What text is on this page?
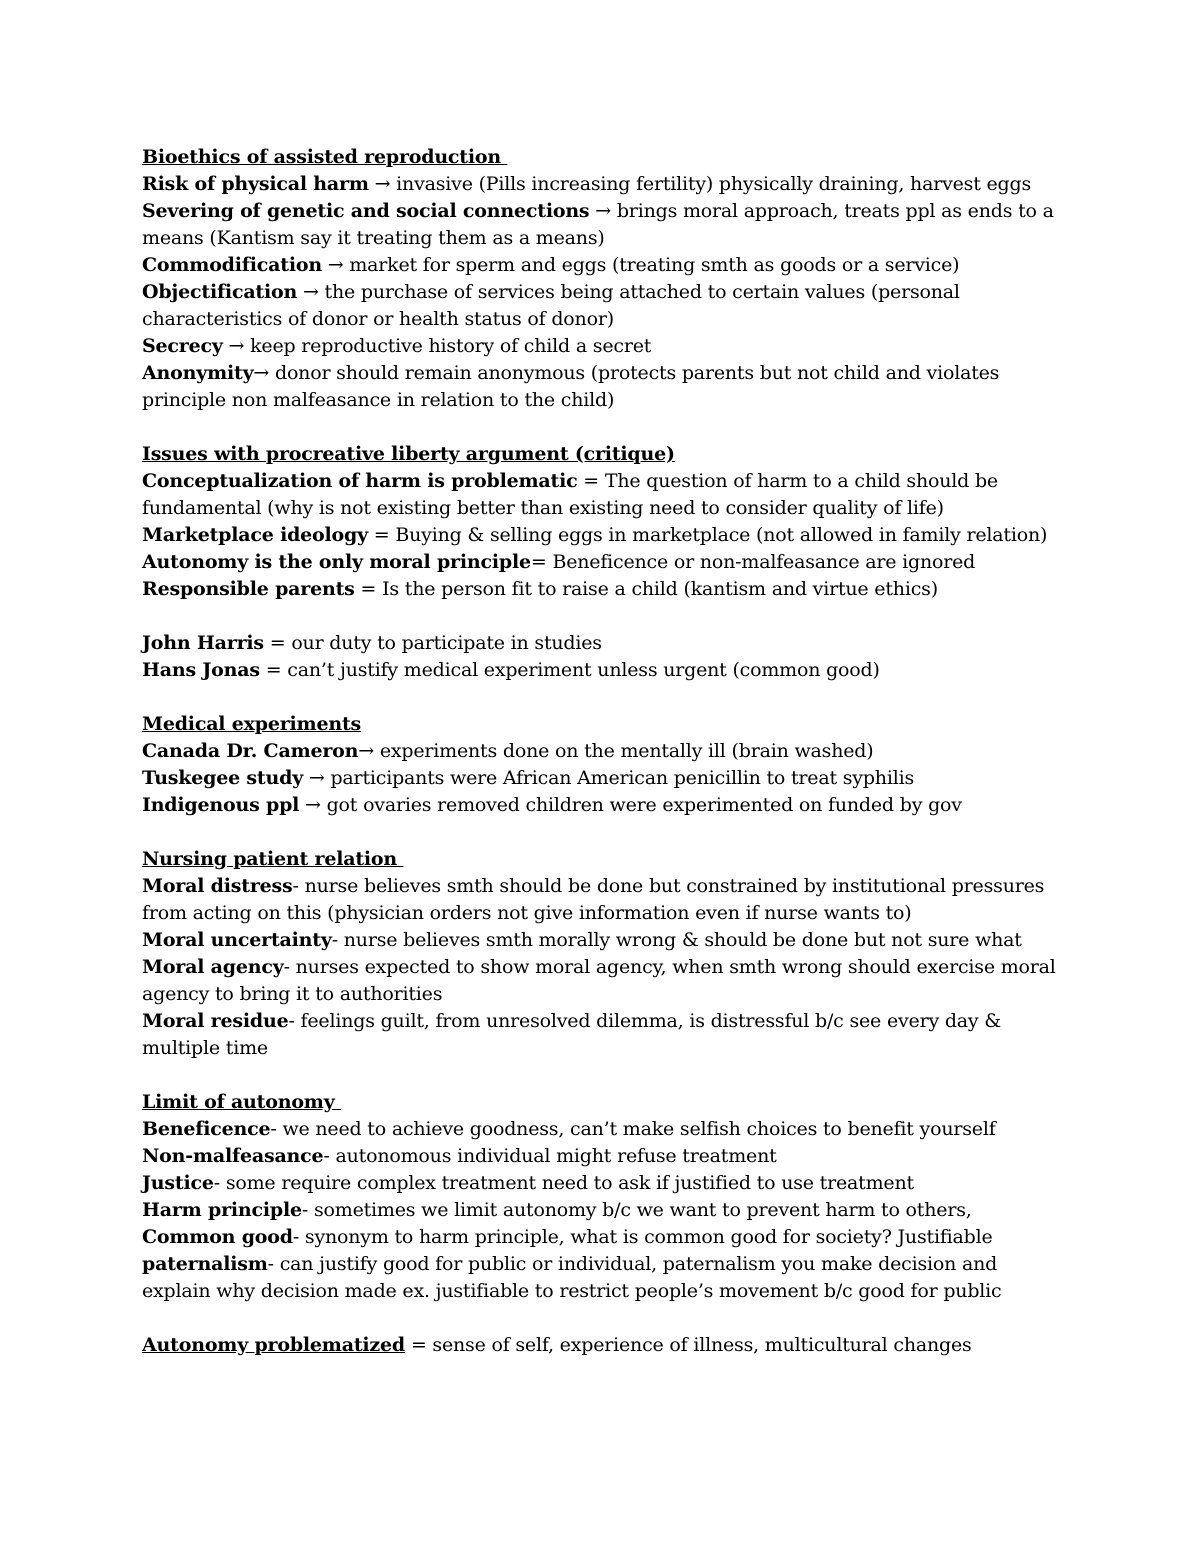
Bioethics of assisted reproduction
Risk of physical harm → invasive (Pills increasing fertility) physically draining, harvest eggs
Severing of genetic and social connections → brings moral approach, treats ppl as ends to a means (Kantism say it treating them as a means)
Commodification → market for sperm and eggs (treating smth as goods or a service)
Objectification → the purchase of services being attached to certain values (personal characteristics of donor or health status of donor)
Secrecy → keep reproductive history of child a secret
Anonymity→ donor should remain anonymous (protects parents but not child and violates principle non malfeasance in relation to the child)
Issues with procreative liberty argument (critique)
Conceptualization of harm is problematic = The question of harm to a child should be fundamental (why is not existing better than existing need to consider quality of life)
Marketplace ideology = Buying & selling eggs in marketplace (not allowed in family relation)
Autonomy is the only moral principle= Beneficence or non-malfeasance are ignored
Responsible parents = Is the person fit to raise a child (kantism and virtue ethics)
John Harris = our duty to participate in studies
Hans Jonas = can’t justify medical experiment unless urgent (common good)
Medical experiments
Canada Dr. Cameron→ experiments done on the mentally ill (brain washed)
Tuskegee study → participants were African American penicillin to treat syphilis
Indigenous ppl → got ovaries removed children were experimented on funded by gov
Nursing patient relation
Moral distress- nurse believes smth should be done but constrained by institutional pressures from acting on this (physician orders not give information even if nurse wants to)
Moral uncertainty- nurse believes smth morally wrong & should be done but not sure what
Moral agency- nurses expected to show moral agency, when smth wrong should exercise moral agency to bring it to authorities
Moral residue- feelings guilt, from unresolved dilemma, is distressful b/c see every day & multiple time
Limit of autonomy
Beneficence- we need to achieve goodness, can’t make selfish choices to benefit yourself
Non-malfeasance- autonomous individual might refuse treatment
Justice- some require complex treatment need to ask if justified to use treatment
Harm principle- sometimes we limit autonomy b/c we want to prevent harm to others,
Common good- synonym to harm principle, what is common good for society? Justifiable
paternalism- can justify good for public or individual, paternalism you make decision and explain why decision made ex. justifiable to restrict people’s movement b/c good for public
Autonomy problematized = sense of self, experience of illness, multicultural changes
